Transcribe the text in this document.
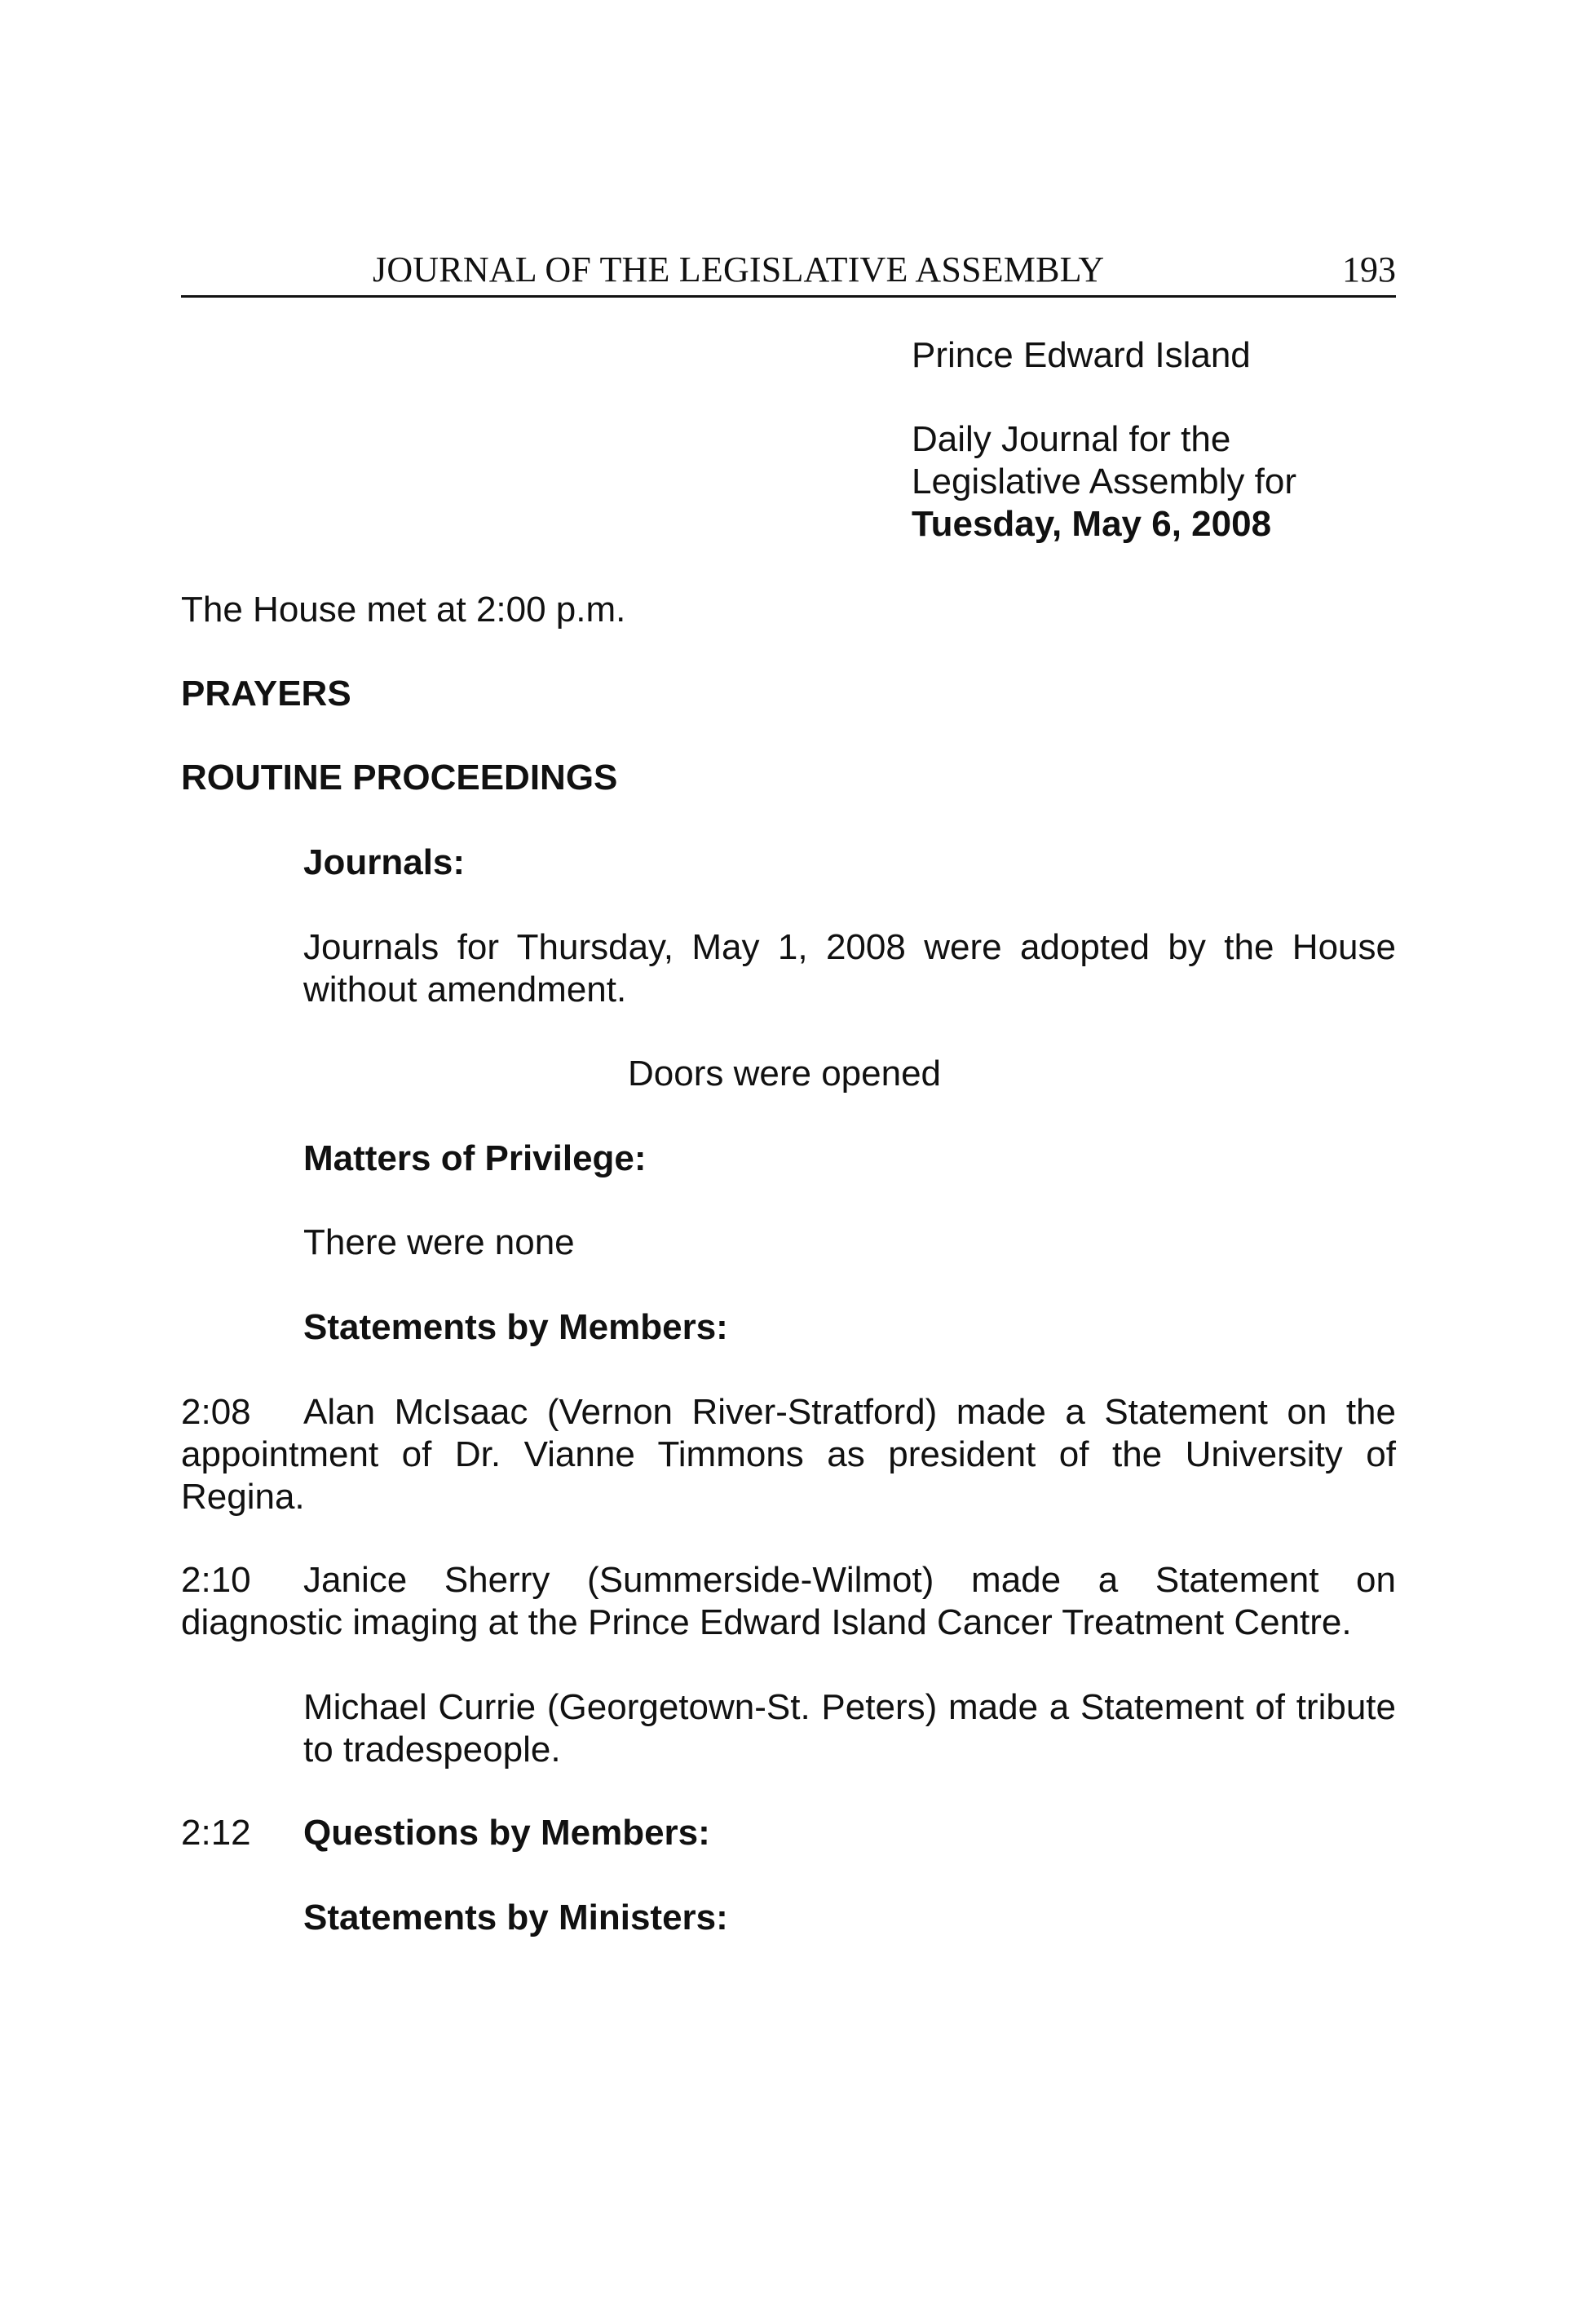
JOURNAL OF THE LEGISLATIVE ASSEMBLY	193
Prince Edward Island
Daily Journal for the
Legislative Assembly for
Tuesday, May 6, 2008
The House met at 2:00 p.m.
PRAYERS
ROUTINE PROCEEDINGS
Journals:
Journals for Thursday, May 1, 2008 were adopted by the House without amendment.
Doors were opened
Matters of Privilege:
There were none
Statements by Members:
2:08 Alan McIsaac (Vernon River-Stratford) made a Statement on the appointment of Dr. Vianne Timmons as president of the University of Regina.
2:10 Janice Sherry (Summerside-Wilmot) made a Statement on diagnostic imaging at the Prince Edward Island Cancer Treatment Centre.
Michael Currie (Georgetown-St. Peters) made a Statement of tribute to tradespeople.
2:12 Questions by Members:
Statements by Ministers:
